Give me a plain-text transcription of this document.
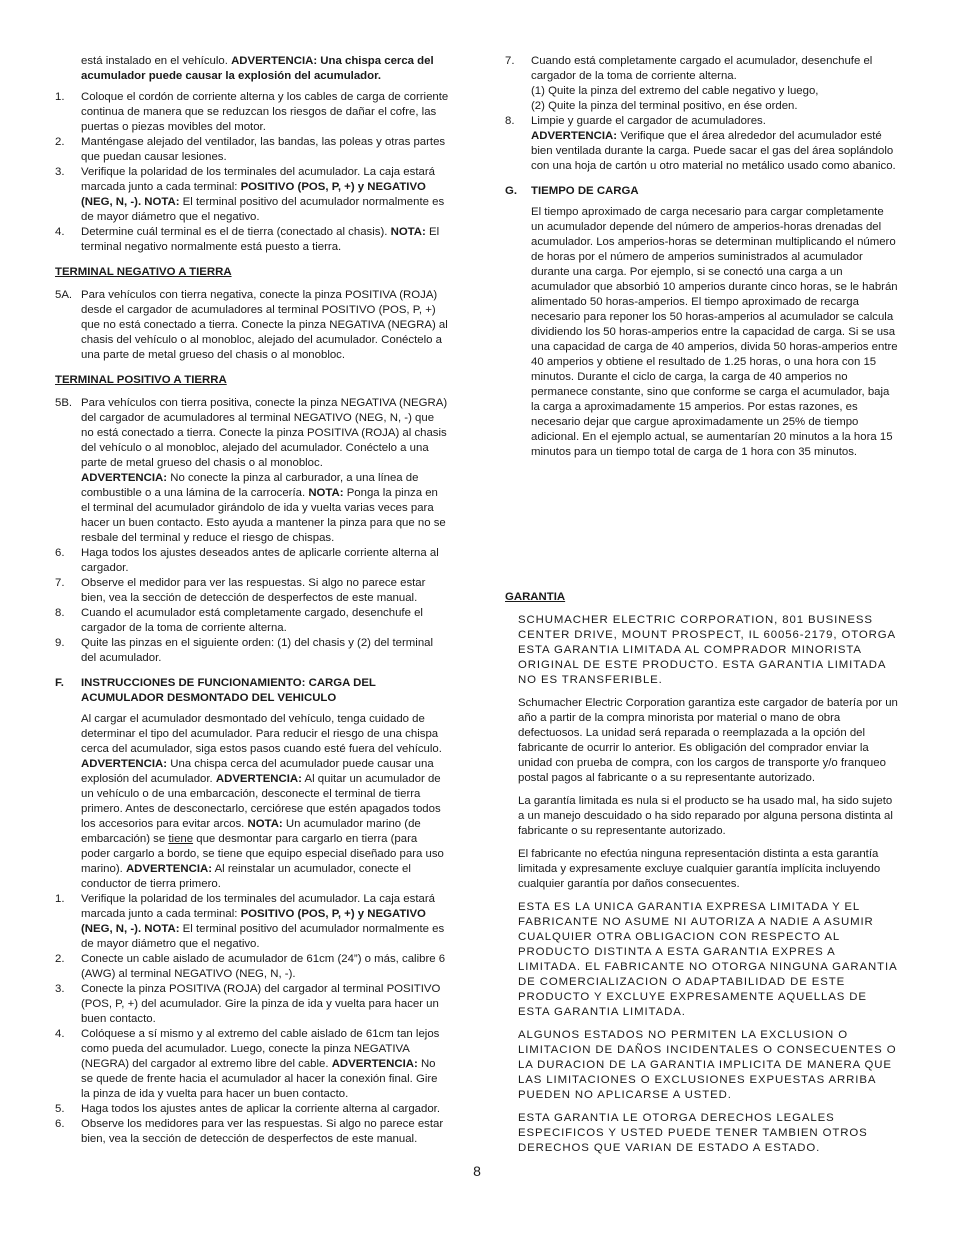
está instalado en el vehículo. ADVERTENCIA: Una chispa cerca del acumulador puede causar la explosión del acumulador.

1. Coloque el cordón de corriente alterna y los cables de carga de corriente continua de manera que se reduzcan los riesgos de dañar el cofre, las puertas o piezas movibles del motor.
2. Manténgase alejado del ventilador, las bandas, las poleas y otras partes que puedan causar lesiones.
3. Verifique la polaridad de los terminales del acumulador. La caja estará marcada junto a cada terminal: POSITIVO (POS, P, +) y NEGATIVO (NEG, N, -). NOTA: El terminal positivo del acumulador normalmente es de mayor diámetro que el negativo.
4. Determine cuál terminal es el de tierra (conectado al chasis). NOTA: El terminal negativo normalmente está puesto a tierra.
TERMINAL NEGATIVO A TIERRA
5A. Para vehículos con tierra negativa, conecte la pinza POSITIVA (ROJA) desde el cargador de acumuladores al terminal POSITIVO (POS, P, +) que no está conectado a tierra. Conecte la pinza NEGATIVA (NEGRA) al chasis del vehículo o al monobloc, alejado del acumulador. Conéctelo a una parte de metal grueso del chasis o al monobloc.
TERMINAL POSITIVO A TIERRA
5B. Para vehículos con tierra positiva, conecte la pinza NEGATIVA (NEGRA) del cargador de acumuladores al terminal NEGATIVO (NEG, N, -) que no está conectado a tierra. Conecte la pinza POSITIVA (ROJA) al chasis del vehículo o al monobloc, alejado del acumulador. Conéctelo a una parte de metal grueso del chasis o al monobloc.
ADVERTENCIA: No conecte la pinza al carburador, a una línea de combustible o a una lámina de la carrocería. NOTA: Ponga la pinza en el terminal del acumulador girándolo de ida y vuelta varias veces para hacer un buen contacto. Esto ayuda a mantener la pinza para que no se resbale del terminal y reduce el riesgo de chispas.
6. Haga todos los ajustes deseados antes de aplicarle corriente alterna al cargador.
7. Observe el medidor para ver las respuestas. Si algo no parece estar bien, vea la sección de detección de desperfectos de este manual.
8. Cuando el acumulador está completamente cargado, desenchufe el cargador de la toma de corriente alterna.
9. Quite las pinzas en el siguiente orden: (1) del chasis y (2) del terminal del acumulador.
F. INSTRUCCIONES DE FUNCIONAMIENTO: CARGA DEL ACUMULADOR DESMONTADO DEL VEHICULO

Al cargar el acumulador desmontado del vehículo, tenga cuidado de determinar el tipo del acumulador. Para reducir el riesgo de una chispa cerca del acumulador, siga estos pasos cuando esté fuera del vehículo. ADVERTENCIA: Una chispa cerca del acumulador puede causar una explosión del acumulador. ADVERTENCIA: Al quitar un acumulador de un vehículo o de una embarcación, desconecte el terminal de tierra primero. Antes de desconectarlo, cerciórese que estén apagados todos los accesorios para evitar arcos. NOTA: Un acumulador marino (de embarcación) se tiene que desmontar para cargarlo en tierra (para poder cargarlo a bordo, se tiene que equipo especial diseñado para uso marino). ADVERTENCIA: Al reinstalar un acumulador, conecte el conductor de tierra primero.

1. Verifique la polaridad de los terminales del acumulador. La caja estará marcada junto a cada terminal: POSITIVO (POS, P, +) y NEGATIVO (NEG, N, -). NOTA: El terminal positivo del acumulador normalmente es de mayor diámetro que el negativo.
2. Conecte un cable aislado de acumulador de 61cm (24”) o más, calibre 6 (AWG) al terminal NEGATIVO (NEG, N, -).
3. Conecte la pinza POSITIVA (ROJA) del cargador al terminal POSITIVO (POS, P, +) del acumulador. Gire la pinza de ida y vuelta para hacer un buen contacto.
4. Colóquese a sí mismo y al extremo del cable aislado de 61cm tan lejos como pueda del acumulador. Luego, conecte la pinza NEGATIVA (NEGRA) del cargador al extremo libre del cable. ADVERTENCIA: No se quede de frente hacia el acumulador al hacer la conexión final. Gire la pinza de ida y vuelta para hacer un buen contacto.
5. Haga todos los ajustes antes de aplicar la corriente alterna al cargador.
6. Observe los medidores para ver las respuestas. Si algo no parece estar bien, vea la sección de detección de desperfectos de este manual.
7. Cuando está completamente cargado el acumulador, desenchufe el cargador de la toma de corriente alterna.
(1) Quite la pinza del extremo del cable negativo y luego,
(2) Quite la pinza del terminal positivo, en ése orden.
8. Limpie y guarde el cargador de acumuladores.
ADVERTENCIA: Verifique que el área alrededor del acumulador esté bien ventilada durante la carga. Puede sacar el gas del área soplándolo con una hoja de cartón u otro material no metálico usado como abanico.
G. TIEMPO DE CARGA

El tiempo aproximado de carga necesario para cargar completamente un acumulador depende del número de amperios-horas drenadas del acumulador. Los amperios-horas se determinan multiplicando el número de horas por el número de amperios suministrados al acumulador durante una carga. Por ejemplo, si se conectó una carga a un acumulador que absorbió 10 amperios durante cinco horas, se le habrán alimentado 50 horas-amperios. El tiempo aproximado de recarga necesario para reponer los 50 horas-amperios al acumulador se calcula dividiendo los 50 horas-amperios entre la capacidad de carga. Si se usa una capacidad de carga de 40 amperios, divida 50 horas-amperios entre 40 amperios y obtiene el resultado de 1.25 horas, o una hora con 15 minutos. Durante el ciclo de carga, la carga de 40 amperios no permanece constante, sino que conforme se carga el acumulador, baja la carga a aproximadamente 15 amperios. Por estas razones, es necesario dejar que cargue aproximadamente un 25% de tiempo adicional. En el ejemplo actual, se aumentarían 20 minutos a la hora 15 minutos para un tiempo total de carga de 1 hora con 35 minutos.

GARANTIA

SCHUMACHER ELECTRIC CORPORATION, 801 BUSINESS CENTER DRIVE, MOUNT PROSPECT, IL 60056-2179, OTORGA ESTA GARANTIA LIMITADA AL COMPRADOR MINORISTA ORIGINAL DE ESTE PRODUCTO. ESTA GARANTIA LIMITADA NO ES TRANSFERIBLE.

Schumacher Electric Corporation garantiza este cargador de batería por un año a partir de la compra minorista por material o mano de obra defectuosos. La unidad será reparada o reemplazada a la opción del fabricante de ocurrir lo anterior. Es obligación del comprador enviar la unidad con prueba de compra, con los cargos de transporte y/o franqueo postal pagos al fabricante o a su representante autorizado.

La garantía limitada es nula si el producto se ha usado mal, ha sido sujeto a un manejo descuidado o ha sido reparado por alguna persona distinta al fabricante o su representante autorizado.

El fabricante no efectúa ninguna representación distinta a esta garantía limitada y expresamente excluye cualquier garantía implícita incluyendo cualquier garantía por daños consecuentes.

ESTA ES LA UNICA GARANTIA EXPRESA LIMITADA Y EL FABRICANTE NO ASUME NI AUTORIZA A NADIE A ASUMIR CUALQUIER OTRA OBLIGACION CON RESPECTO AL PRODUCTO DISTINTA A ESTA GARANTIA EXPRES A LIMITADA. EL FABRICANTE NO OTORGA NINGUNA GARANTIA DE COMERCIALIZACION O ADAPTABILIDAD DE ESTE PRODUCTO Y EXCLUYE EXPRESAMENTE AQUELLAS DE ESTA GARANTIA LIMITADA.

ALGUNOS ESTADOS NO PERMITEN LA EXCLUSION O LIMITACION DE DAÑOS INCIDENTALES O CONSECUENTES O LA DURACION DE LA GARANTIA IMPLICITA DE MANERA QUE LAS LIMITACIONES O EXCLUSIONES EXPUESTAS ARRIBA PUEDEN NO APLICARSE A USTED.

ESTA GARANTIA LE OTORGA DERECHOS LEGALES ESPECIFICOS Y USTED PUEDE TENER TAMBIEN OTROS DERECHOS QUE VARIAN DE ESTADO A ESTADO.

8
